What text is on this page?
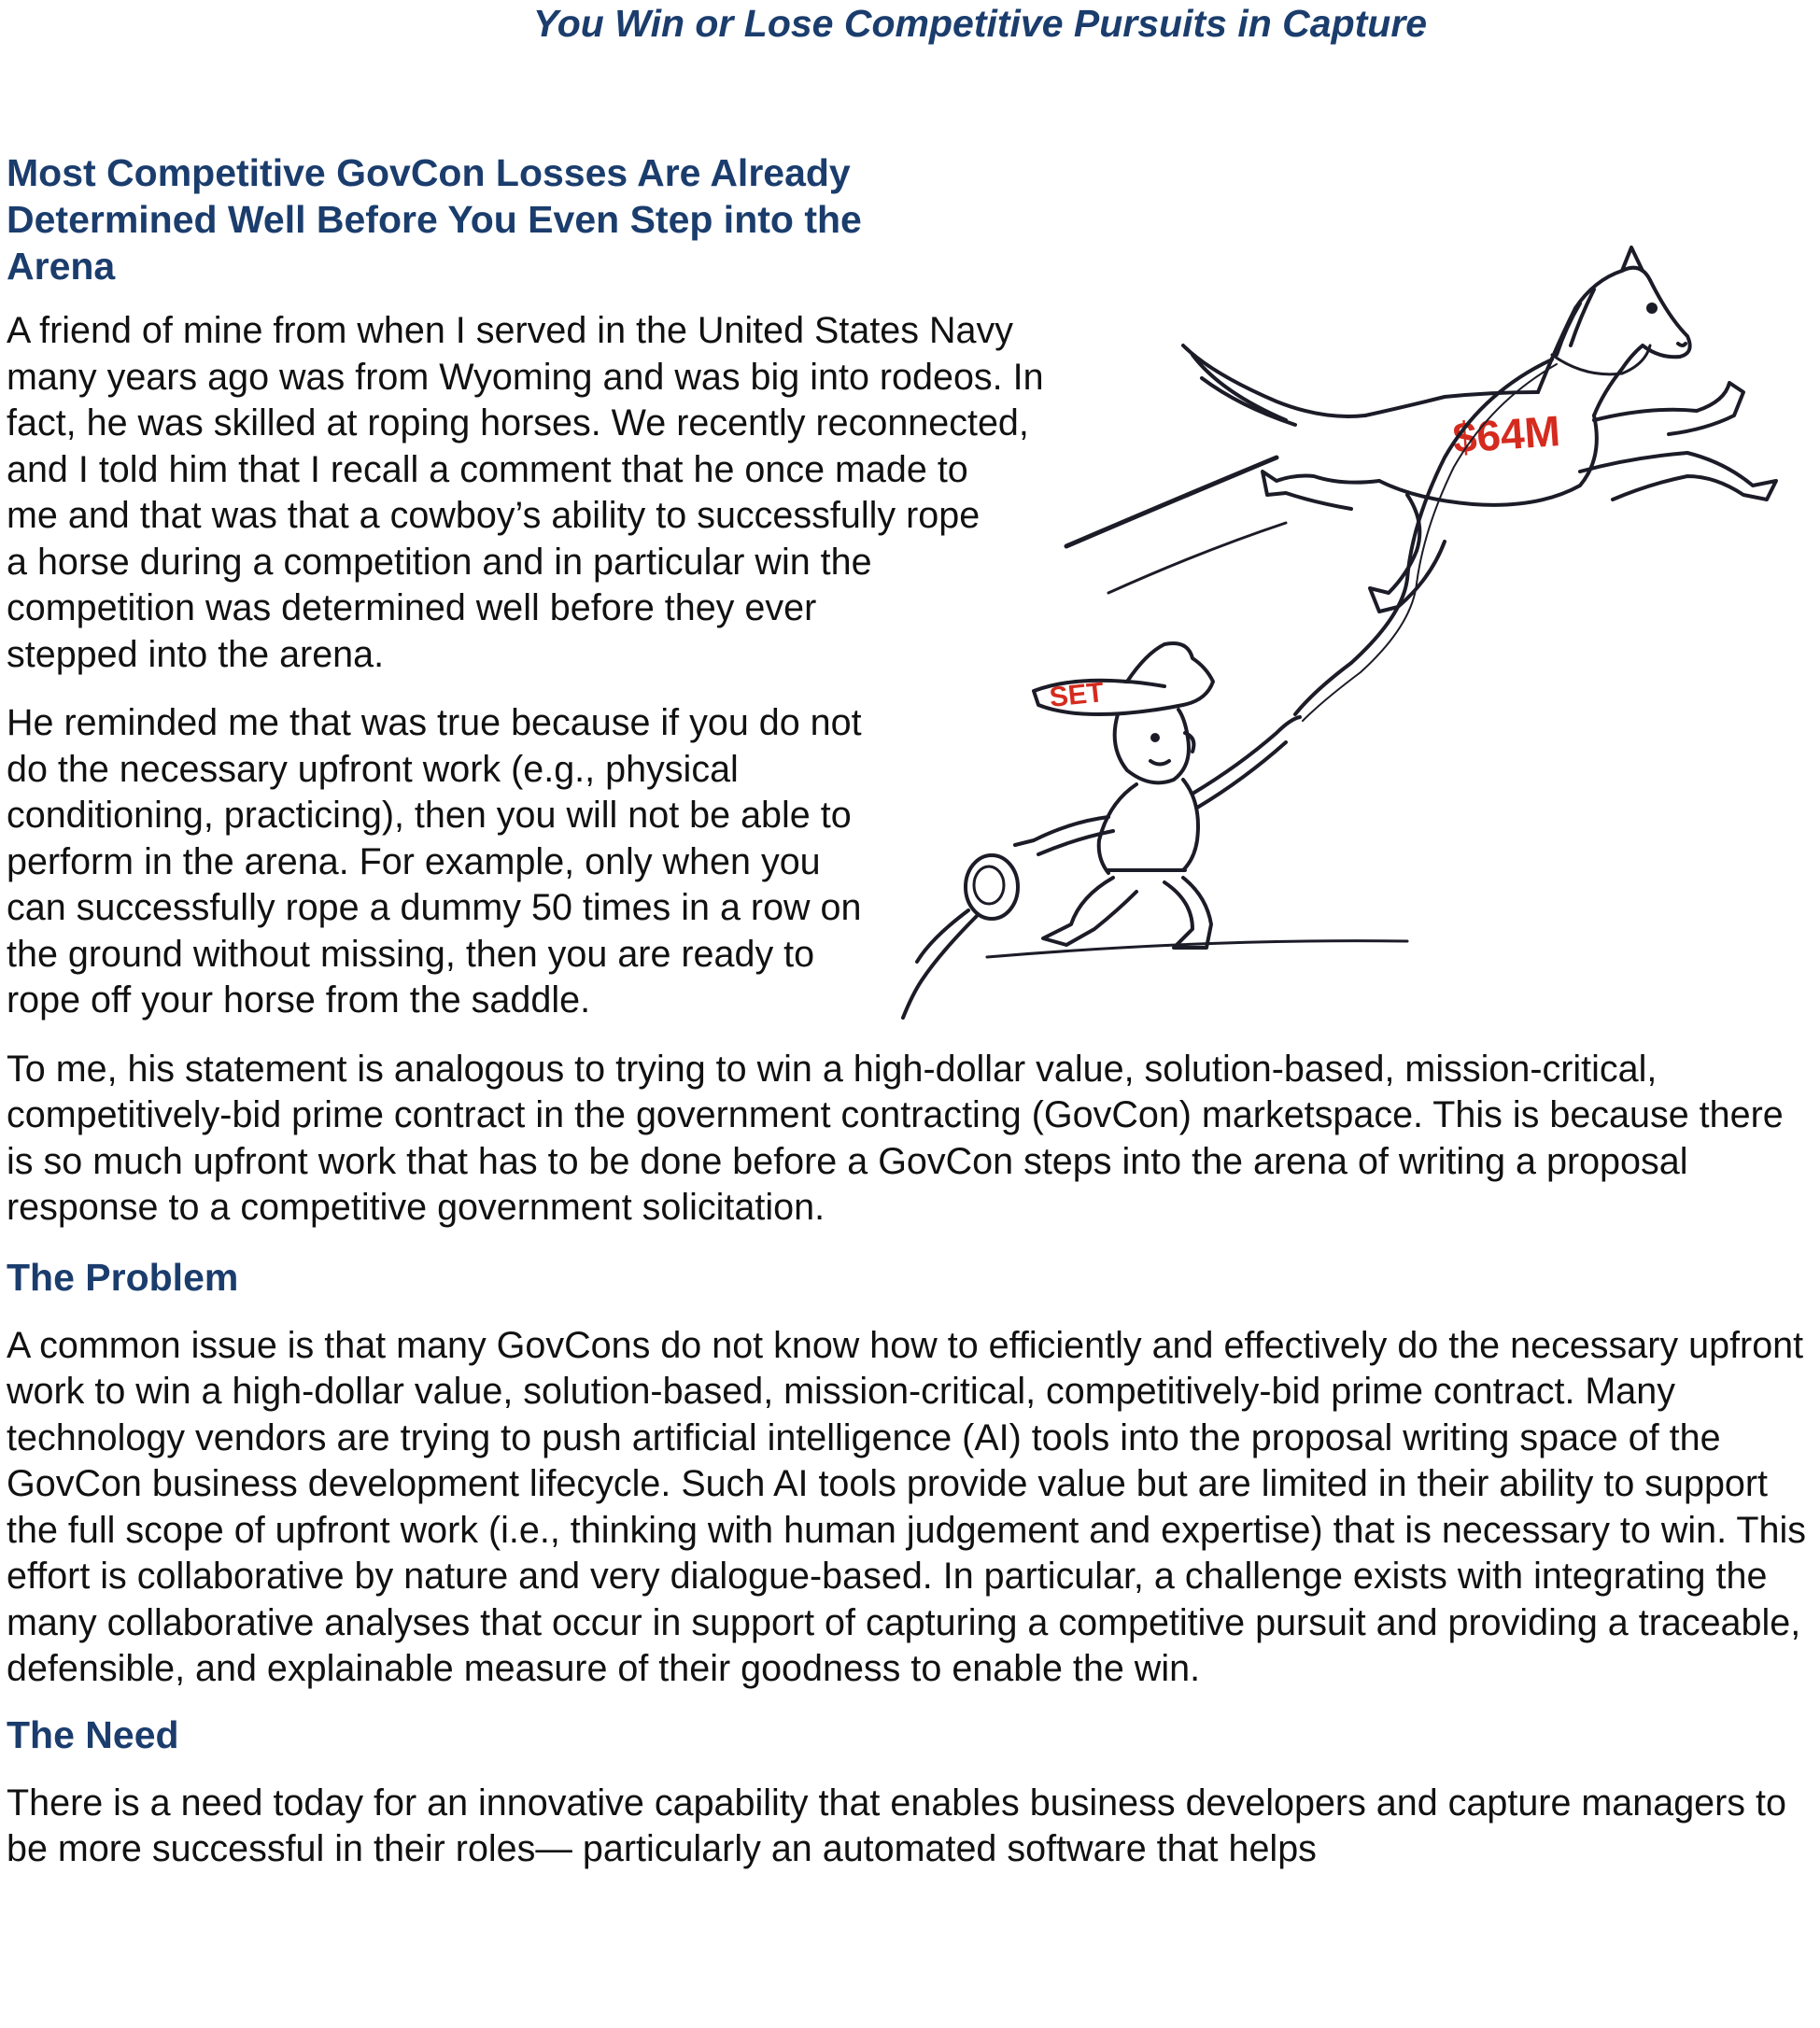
You Win or Lose Competitive Pursuits in Capture
Most Competitive GovCon Losses Are Already Determined Well Before You Even Step into the Arena
$64M
SET

A friend of mine from when I served in the United States Navy many years ago was from Wyoming and was big into rodeos. In fact, he was skilled at roping horses. We recently reconnected, and I told him that I recall a comment that he once made to me and that was that a cowboy’s ability to successfully rope a horse during a competition and in particular win the competition was determined well before they ever stepped into the arena.

He reminded me that was true because if you do not do the necessary upfront work (e.g., physical conditioning, practicing), then you will not be able to perform in the arena. For example, only when you can successfully rope a dummy 50 times in a row on the ground without missing, then you are ready to rope off your horse from the saddle.

To me, his statement is analogous to trying to win a high-dollar value, solution-based, mission-critical, competitively-bid prime contract in the government contracting (GovCon) marketspace. This is because there is so much upfront work that has to be done before a GovCon steps into the arena of writing a proposal response to a competitive government solicitation.

The Problem

A common issue is that many GovCons do not know how to efficiently and effectively do the necessary upfront work to win a high-dollar value, solution-based, mission-critical, competitively-bid prime contract. Many technology vendors are trying to push artificial intelligence (AI) tools into the proposal writing space of the GovCon business development lifecycle. Such AI tools provide value but are limited in their ability to support the full scope of upfront work (i.e., thinking with human judgement and expertise) that is necessary to win. This effort is collaborative by nature and very dialogue-based. In particular, a challenge exists with integrating the many collaborative analyses that occur in support of capturing a competitive pursuit and providing a traceable, defensible, and explainable measure of their goodness to enable the win.

The Need

There is a need today for an innovative capability that enables business developers and capture managers to be more successful in their roles— particularly an automated software that helps
